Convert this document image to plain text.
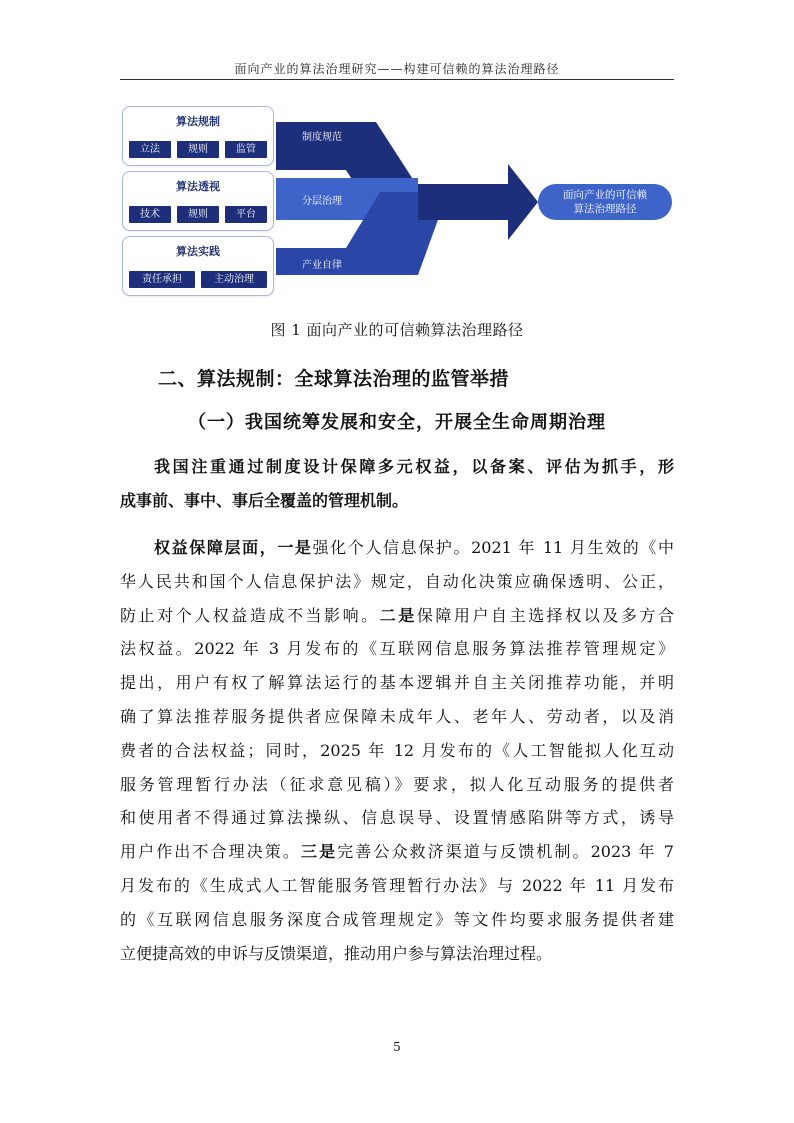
面向产业的算法治理研究——构建可信赖的算法治理路径
算法规制
立法	规则	监管
算法透视
技术	规则	平台
算法实践
责任承担	主动治理
制度规范
分层治理
产业自律
面向产业的可信赖
算法治理路径
图 1 面向产业的可信赖算法治理路径
二、算法规制：全球算法治理的监管举措
（一）我国统筹发展和安全，开展全生命周期治理
我国注重通过制度设计保障多元权益，以备案、评估为抓手，形
成事前、事中、事后全覆盖的管理机制。
权益保障层面，一是强化个人信息保护。2021 年 11 月生效的《中
华人民共和国个人信息保护法》规定，自动化决策应确保透明、公正，
防止对个人权益造成不当影响。二是保障用户自主选择权以及多方合
法权益。2022 年 3 月发布的《互联网信息服务算法推荐管理规定》
提出，用户有权了解算法运行的基本逻辑并自主关闭推荐功能，并明
确了算法推荐服务提供者应保障未成年人、老年人、劳动者，以及消
费者的合法权益；同时，2025 年 12 月发布的《人工智能拟人化互动
服务管理暂行办法（征求意见稿）》要求，拟人化互动服务的提供者
和使用者不得通过算法操纵、信息误导、设置情感陷阱等方式，诱导
用户作出不合理决策。三是完善公众救济渠道与反馈机制。2023 年 7
月发布的《生成式人工智能服务管理暂行办法》与 2022 年 11 月发布
的《互联网信息服务深度合成管理规定》等文件均要求服务提供者建
立便捷高效的申诉与反馈渠道，推动用户参与算法治理过程。
5
